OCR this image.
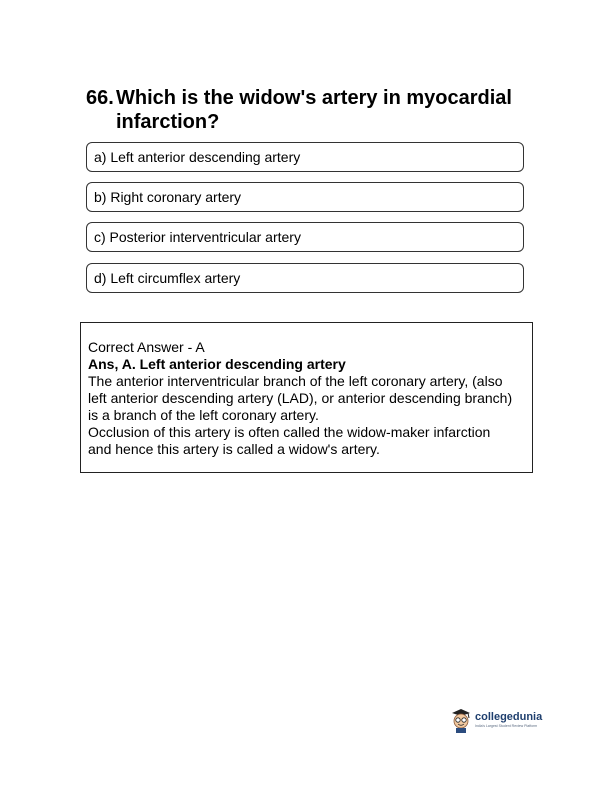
66. Which is the widow's artery in myocardial infarction?
a) Left anterior descending artery
b) Right coronary artery
c) Posterior interventricular artery
d) Left circumflex artery
Correct Answer - A
Ans, A. Left anterior descending artery
The anterior interventricular branch of the left coronary artery, (also
left anterior descending artery (LAD), or anterior descending branch)
is a branch of the left coronary artery.
Occlusion of this artery is often called the widow-maker infarction
and hence this artery is called a widow's artery.
collegedunia
India's Largest Student Review Platform
